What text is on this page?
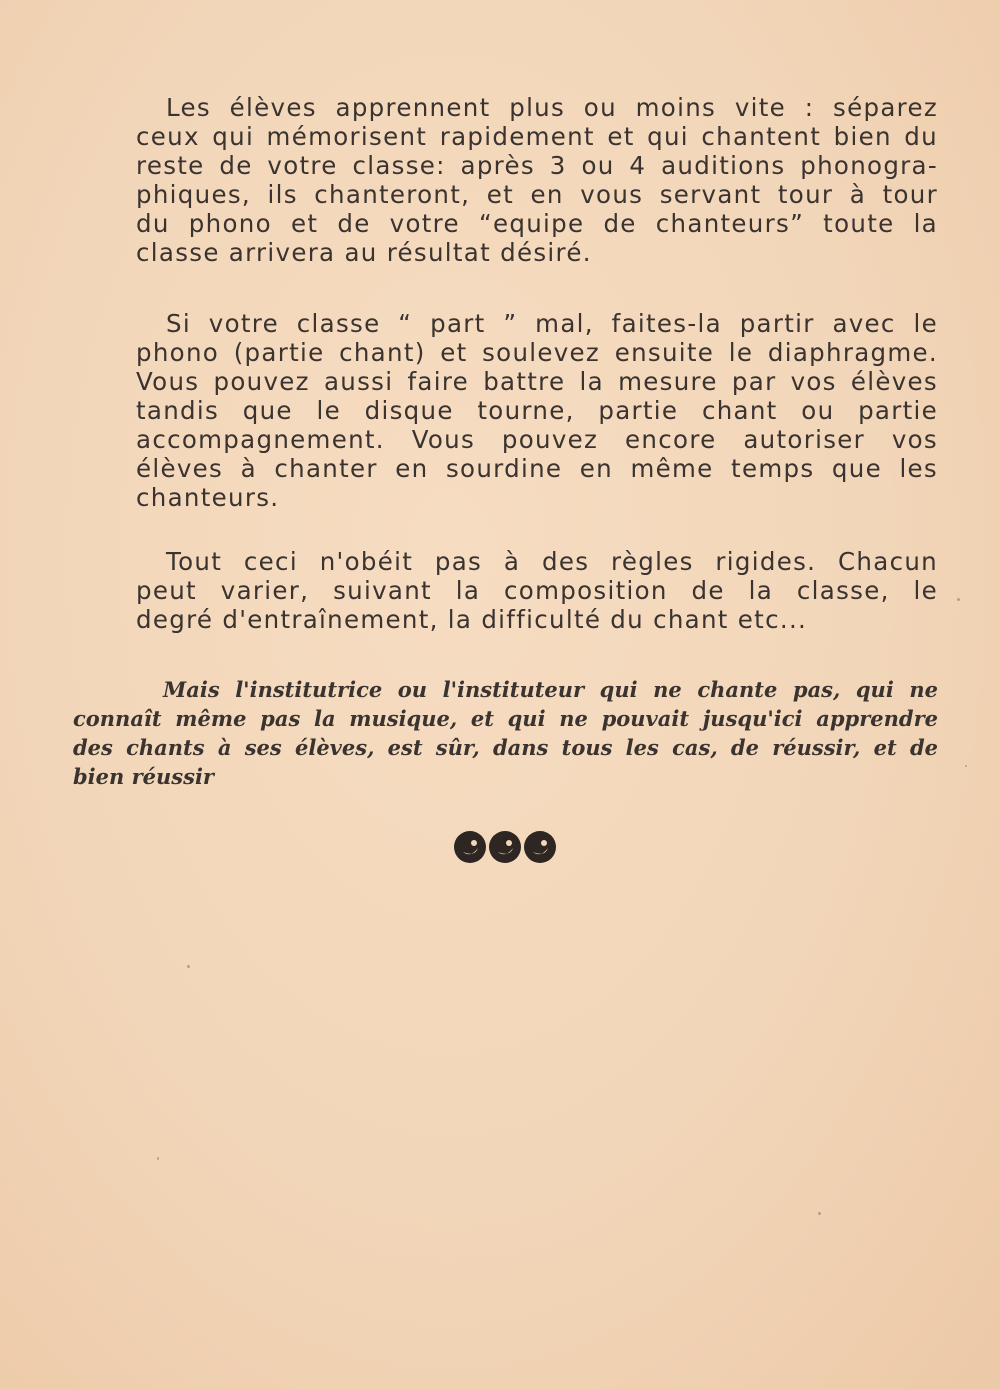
Les élèves apprennent plus ou moins vite : séparez
ceux qui mémorisent rapidement et qui chantent bien du
reste de votre classe: après 3 ou 4 auditions phonogra-
phiques, ils chanteront, et en vous servant tour à tour
du phono et de votre “equipe de chanteurs” toute la
classe arrivera au résultat désiré.

Si votre classe “ part ” mal, faites-la partir avec le
phono (partie chant) et soulevez ensuite le diaphragme.
Vous pouvez aussi faire battre la mesure par vos élèves
tandis que le disque tourne, partie chant ou partie
accompagnement. Vous pouvez encore autoriser vos
élèves à chanter en sourdine en même temps que les
chanteurs.

Tout ceci n'obéit pas à des règles rigides. Chacun
peut varier, suivant la composition de la classe, le
degré d'entraînement, la difficulté du chant etc...

Mais l'institutrice ou l'instituteur qui ne chante pas, qui ne
connaît même pas la musique, et qui ne pouvait jusqu'ici apprendre
des chants à ses élèves, est sûr, dans tous les cas, de réussir, et de
bien réussir
